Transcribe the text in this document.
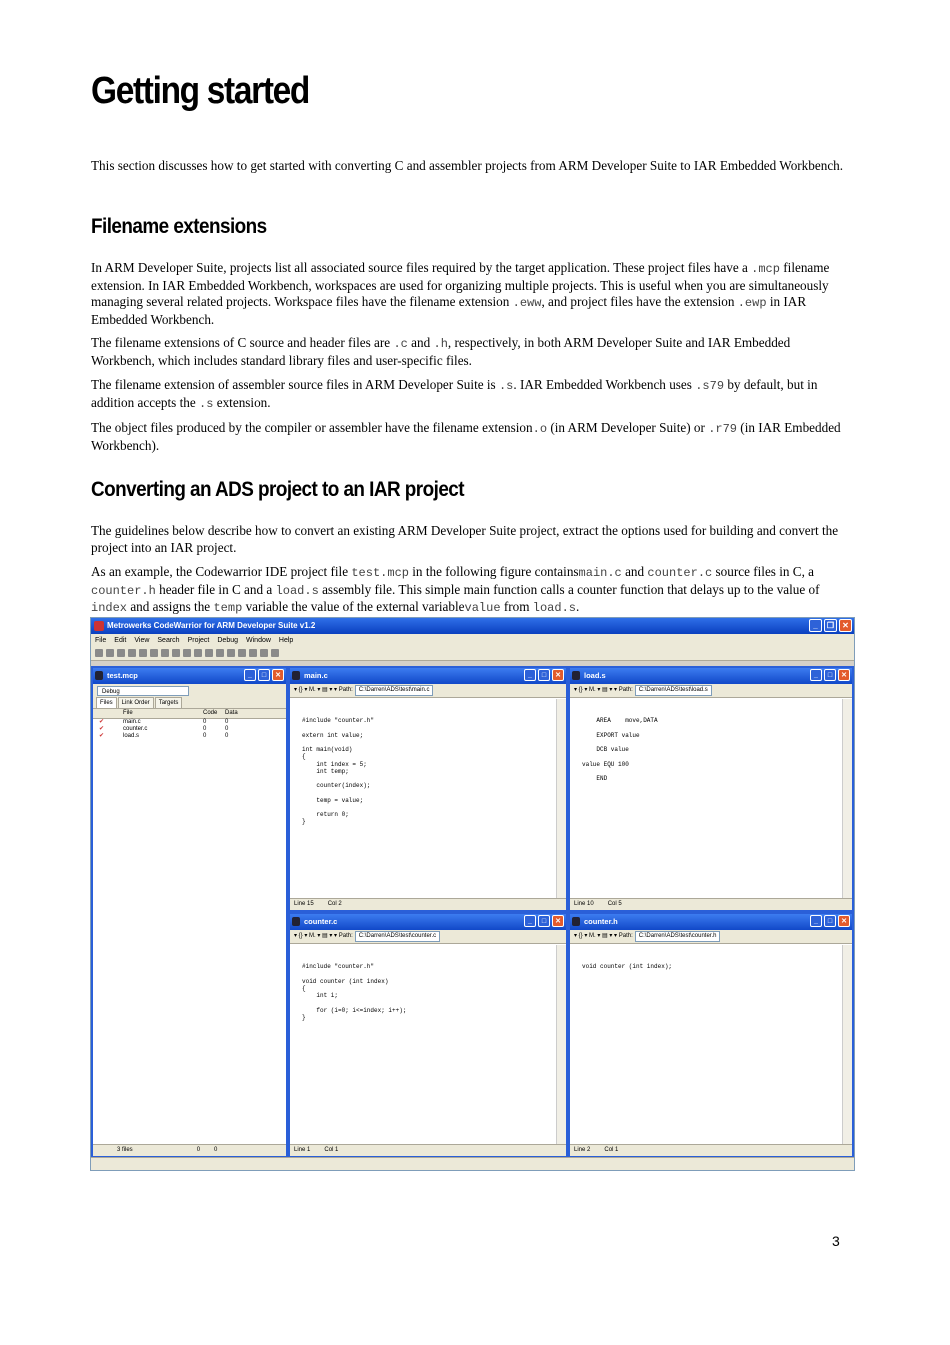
Getting started

This section discusses how to get started with converting C and assembler projects from ARM Developer Suite to IAR Embedded Workbench.

Filename extensions

In ARM Developer Suite, projects list all associated source files required by the target application. These project files have a .mcp filename extension. In IAR Embedded Workbench, workspaces are used for organizing multiple projects. This is useful when you are simultaneously managing several related projects. Workspace files have the filename extension .eww, and project files have the extension .ewp in IAR Embedded Workbench.

The filename extensions of C source and header files are .c and .h, respectively, in both ARM Developer Suite and IAR Embedded Workbench, which includes standard library files and user-specific files.

The filename extension of assembler source files in ARM Developer Suite is .s. IAR Embedded Workbench uses .s79 by default, but in addition accepts the .s extension.

The object files produced by the compiler or assembler have the filename extension.o (in ARM Developer Suite) or .r79 (in IAR Embedded Workbench).

Converting an ADS project to an IAR project

The guidelines below describe how to convert an existing ARM Developer Suite project, extract the options used for building and convert the project into an IAR project.

As an example, the Codewarrior IDE project file test.mcp in the following figure containsmain.c and counter.c source files in C, a counter.h header file in C and a load.s assembly file. This simple main function calls a counter function that delays up to the value of index and assigns the temp variable the value of the external variablevalue from load.s.

Metrowerks CodeWarrior for ARM Developer Suite v1.2	_	❐	✕
File Edit View Search Project Debug Window Help
test.mcp	_	□	✕
Debug
Files	Link Order	Targets
File	Code	Data
✔	main.c	0	0
✔	counter.c	0	0
✔	load.s	0	0
3 files	0 0
main.c	_	□	✕
▾ {} ▾ M. ▾ ▤ ▾ ▾ Path: C:\Darren\ADS\test\main.c

#include "counter.h"

extern int value;

int main(void)
{
int index = 5;
int temp;

counter(index);

temp = value;

return 0;
}

Line 15 Col 2
load.s	_	□	✕
▾ {} ▾ M. ▾ ▤ ▾ ▾ Path: C:\Darren\ADS\test\load.s

AREA    move,DATA

EXPORT value

DCB value

value EQU 100

END

Line 10 Col 5
counter.c	_	□	✕
▾ {} ▾ M. ▾ ▤ ▾ ▾ Path: C:\Darren\ADS\test\counter.c

#include "counter.h"

void counter (int index)
{
int i;

for (i=0; i<=index; i++);
}

Line 1 Col 1
counter.h	_	□	✕
▾ {} ▾ M. ▾ ▤ ▾ ▾ Path: C:\Darren\ADS\test\counter.h

void counter (int index);

Line 2 Col 1
3
